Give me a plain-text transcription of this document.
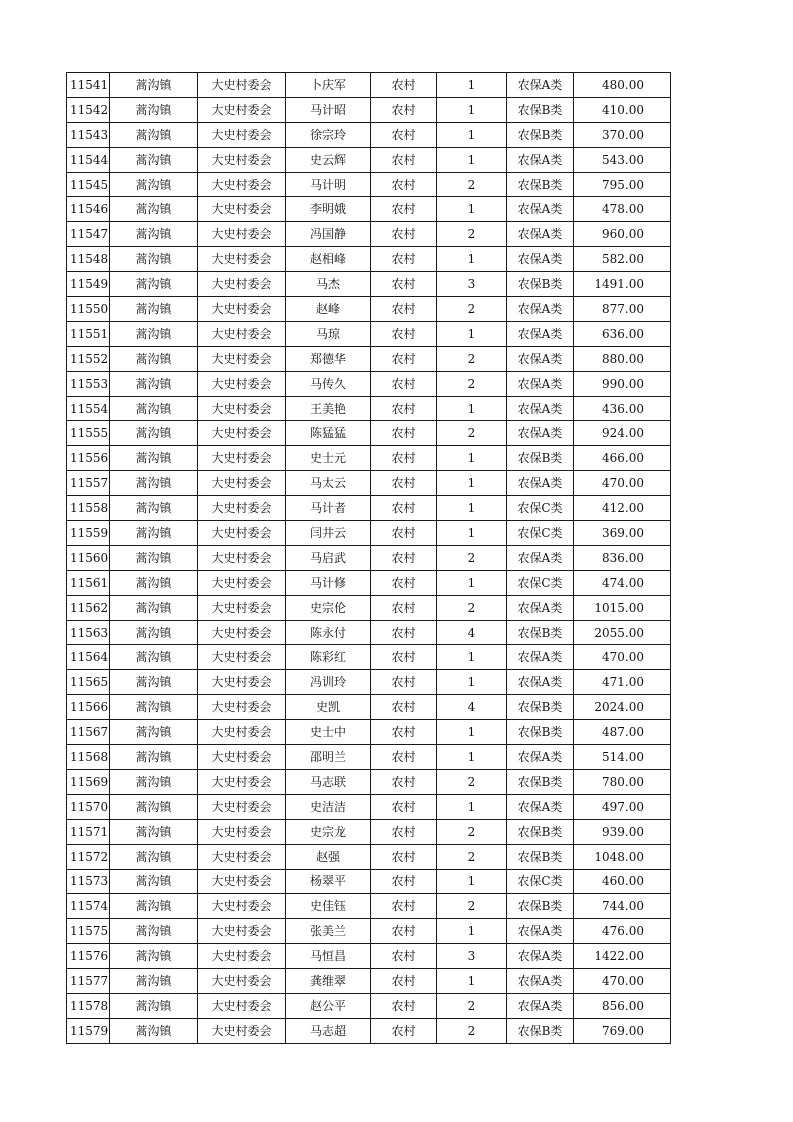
11541	蒿沟镇	大史村委会	卜庆军	农村	1	农保A类	480.00
11542	蒿沟镇	大史村委会	马计昭	农村	1	农保B类	410.00
11543	蒿沟镇	大史村委会	徐宗玲	农村	1	农保B类	370.00
11544	蒿沟镇	大史村委会	史云辉	农村	1	农保A类	543.00
11545	蒿沟镇	大史村委会	马计明	农村	2	农保B类	795.00
11546	蒿沟镇	大史村委会	李明娥	农村	1	农保A类	478.00
11547	蒿沟镇	大史村委会	冯国静	农村	2	农保A类	960.00
11548	蒿沟镇	大史村委会	赵相峰	农村	1	农保A类	582.00
11549	蒿沟镇	大史村委会	马杰	农村	3	农保B类	1491.00
11550	蒿沟镇	大史村委会	赵峰	农村	2	农保A类	877.00
11551	蒿沟镇	大史村委会	马琼	农村	1	农保A类	636.00
11552	蒿沟镇	大史村委会	郑德华	农村	2	农保A类	880.00
11553	蒿沟镇	大史村委会	马传久	农村	2	农保A类	990.00
11554	蒿沟镇	大史村委会	王美艳	农村	1	农保A类	436.00
11555	蒿沟镇	大史村委会	陈猛猛	农村	2	农保A类	924.00
11556	蒿沟镇	大史村委会	史士元	农村	1	农保B类	466.00
11557	蒿沟镇	大史村委会	马太云	农村	1	农保A类	470.00
11558	蒿沟镇	大史村委会	马计者	农村	1	农保C类	412.00
11559	蒿沟镇	大史村委会	闫井云	农村	1	农保C类	369.00
11560	蒿沟镇	大史村委会	马启武	农村	2	农保A类	836.00
11561	蒿沟镇	大史村委会	马计修	农村	1	农保C类	474.00
11562	蒿沟镇	大史村委会	史宗伦	农村	2	农保A类	1015.00
11563	蒿沟镇	大史村委会	陈永付	农村	4	农保B类	2055.00
11564	蒿沟镇	大史村委会	陈彩红	农村	1	农保A类	470.00
11565	蒿沟镇	大史村委会	冯训玲	农村	1	农保A类	471.00
11566	蒿沟镇	大史村委会	史凯	农村	4	农保B类	2024.00
11567	蒿沟镇	大史村委会	史士中	农村	1	农保B类	487.00
11568	蒿沟镇	大史村委会	邵明兰	农村	1	农保A类	514.00
11569	蒿沟镇	大史村委会	马志联	农村	2	农保B类	780.00
11570	蒿沟镇	大史村委会	史洁洁	农村	1	农保A类	497.00
11571	蒿沟镇	大史村委会	史宗龙	农村	2	农保B类	939.00
11572	蒿沟镇	大史村委会	赵强	农村	2	农保B类	1048.00
11573	蒿沟镇	大史村委会	杨翠平	农村	1	农保C类	460.00
11574	蒿沟镇	大史村委会	史佳钰	农村	2	农保B类	744.00
11575	蒿沟镇	大史村委会	张美兰	农村	1	农保A类	476.00
11576	蒿沟镇	大史村委会	马恒昌	农村	3	农保A类	1422.00
11577	蒿沟镇	大史村委会	龚维翠	农村	1	农保A类	470.00
11578	蒿沟镇	大史村委会	赵公平	农村	2	农保A类	856.00
11579	蒿沟镇	大史村委会	马志超	农村	2	农保B类	769.00
